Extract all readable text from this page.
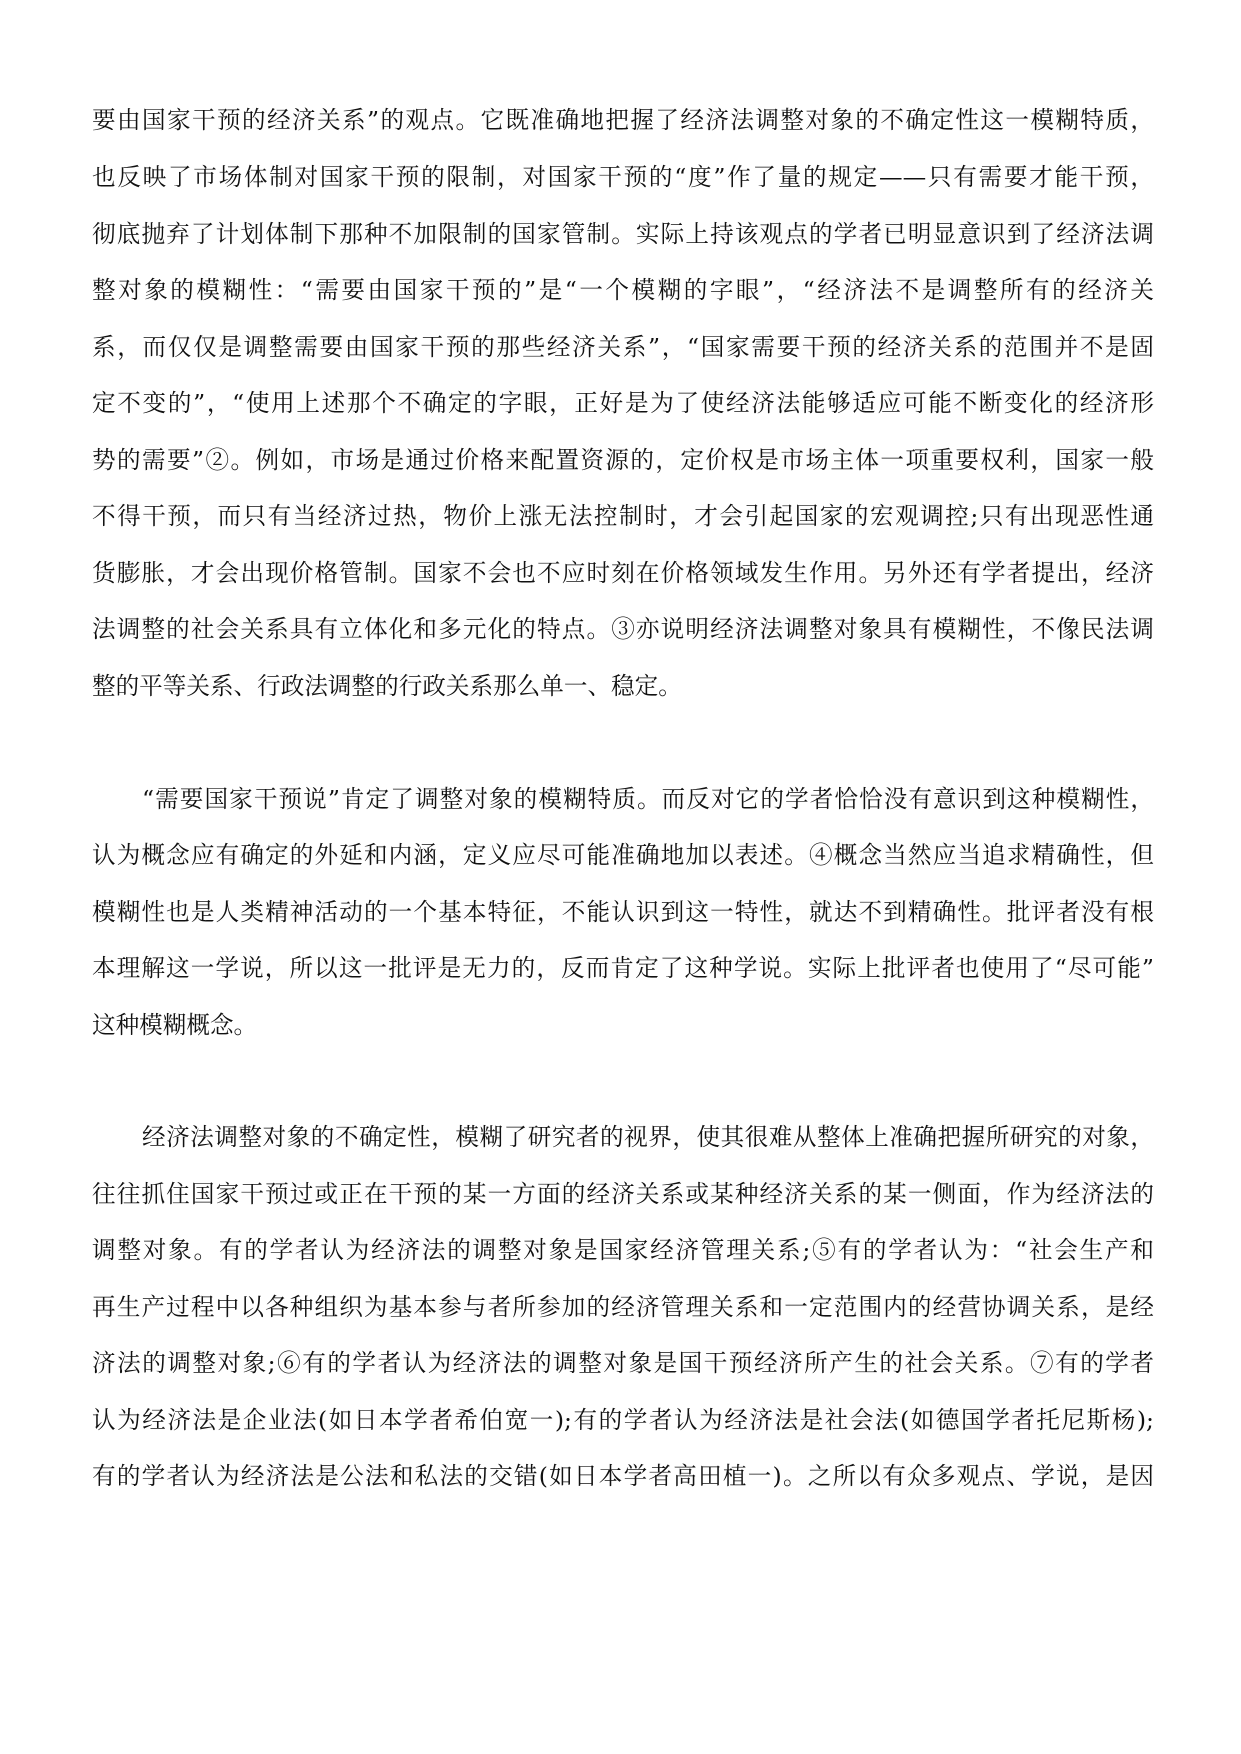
要由国家干预的经济关系”的观点。它既准确地把握了经济法调整对象的不确定性这一模糊特质，
也反映了市场体制对国家干预的限制，对国家干预的“度”作了量的规定——只有需要才能干预，
彻底抛弃了计划体制下那种不加限制的国家管制。实际上持该观点的学者已明显意识到了经济法调
整对象的模糊性：“需要由国家干预的”是“一个模糊的字眼”，“经济法不是调整所有的经济关
系，而仅仅是调整需要由国家干预的那些经济关系”，“国家需要干预的经济关系的范围并不是固
定不变的”，“使用上述那个不确定的字眼，正好是为了使经济法能够适应可能不断变化的经济形
势的需要”②。例如，市场是通过价格来配置资源的，定价权是市场主体一项重要权利，国家一般
不得干预，而只有当经济过热，物价上涨无法控制时，才会引起国家的宏观调控;只有出现恶性通
货膨胀，才会出现价格管制。国家不会也不应时刻在价格领域发生作用。另外还有学者提出，经济
法调整的社会关系具有立体化和多元化的特点。③亦说明经济法调整对象具有模糊性，不像民法调
整的平等关系、行政法调整的行政关系那么单一、稳定。
“需要国家干预说”肯定了调整对象的模糊特质。而反对它的学者恰恰没有意识到这种模糊性，
认为概念应有确定的外延和内涵，定义应尽可能准确地加以表述。④概念当然应当追求精确性，但
模糊性也是人类精神活动的一个基本特征，不能认识到这一特性，就达不到精确性。批评者没有根
本理解这一学说，所以这一批评是无力的，反而肯定了这种学说。实际上批评者也使用了“尽可能”
这种模糊概念。
经济法调整对象的不确定性，模糊了研究者的视界，使其很难从整体上准确把握所研究的对象，
往往抓住国家干预过或正在干预的某一方面的经济关系或某种经济关系的某一侧面，作为经济法的
调整对象。有的学者认为经济法的调整对象是国家经济管理关系;⑤有的学者认为：“社会生产和
再生产过程中以各种组织为基本参与者所参加的经济管理关系和一定范围内的经营协调关系，是经
济法的调整对象;⑥有的学者认为经济法的调整对象是国干预经济所产生的社会关系。⑦有的学者
认为经济法是企业法(如日本学者希伯宽一);有的学者认为经济法是社会法(如德国学者托尼斯杨);
有的学者认为经济法是公法和私法的交错(如日本学者高田植一)。之所以有众多观点、学说，是因
